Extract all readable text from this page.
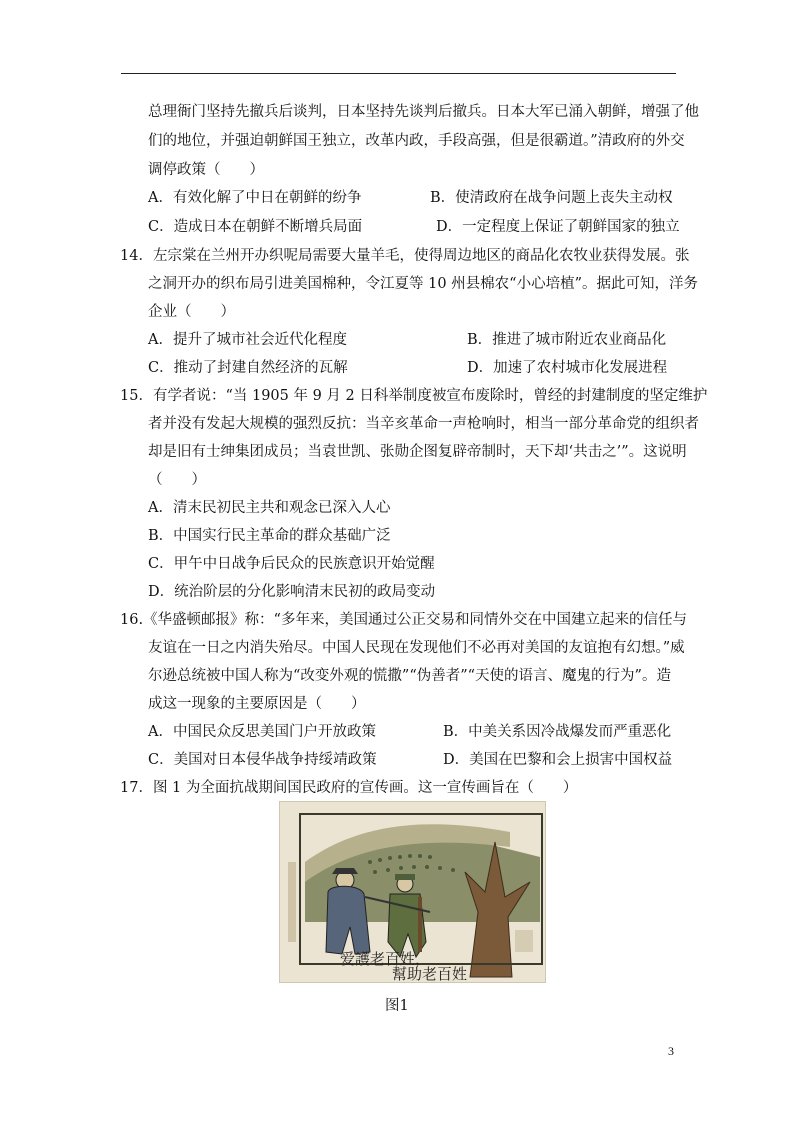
总理衙门坚持先撤兵后谈判，日本坚持先谈判后撤兵。日本大军已涌入朝鲜，增强了他
们的地位，并强迫朝鲜国王独立，改革内政，手段高强，但是很霸道。”清政府的外交
调停政策（　　）
A．有效化解了中日在朝鲜的纷争	B．使清政府在战争问题上丧失主动权
C．造成日本在朝鲜不断增兵局面	D．一定程度上保证了朝鲜国家的独立
14．左宗棠在兰州开办织呢局需要大量羊毛，使得周边地区的商品化农牧业获得发展。张
之洞开办的织布局引进美国棉种，令江夏等 10 州县棉农“小心培植”。据此可知，洋务
企业（　　）
A．提升了城市社会近代化程度	B．推进了城市附近农业商品化
C．推动了封建自然经济的瓦解	D．加速了农村城市化发展进程
15．有学者说：“当 1905 年 9 月 2 日科举制度被宣布废除时，曾经的封建制度的坚定维护
者并没有发起大规模的强烈反抗：当辛亥革命一声枪响时，相当一部分革命党的组织者
却是旧有士绅集团成员；当袁世凯、张勋企图复辟帝制时，天下却‘共击之’”。这说明
（　　）
A．清末民初民主共和观念已深入人心
B．中国实行民主革命的群众基础广泛
C．甲午中日战争后民众的民族意识开始觉醒
D．统治阶层的分化影响清末民初的政局变动
16.《华盛顿邮报》称：“多年来，美国通过公正交易和同情外交在中国建立起来的信任与
友谊在一日之内消失殆尽。中国人民现在发现他们不必再对美国的友谊抱有幻想。”威
尔逊总统被中国人称为“改变外观的慌撒”“伪善者”“天使的语言、魔鬼的行为”。造
成这一现象的主要原因是（　　）
A．中国民众反思美国门户开放政策	B．中美关系因冷战爆发而严重恶化
C．美国对日本侵华战争持绥靖政策	D．美国在巴黎和会上损害中国权益
17．图 1 为全面抗战期间国民政府的宣传画。这一宣传画旨在（　　）
爱護老百姓，
幫助老百姓
图1
3
